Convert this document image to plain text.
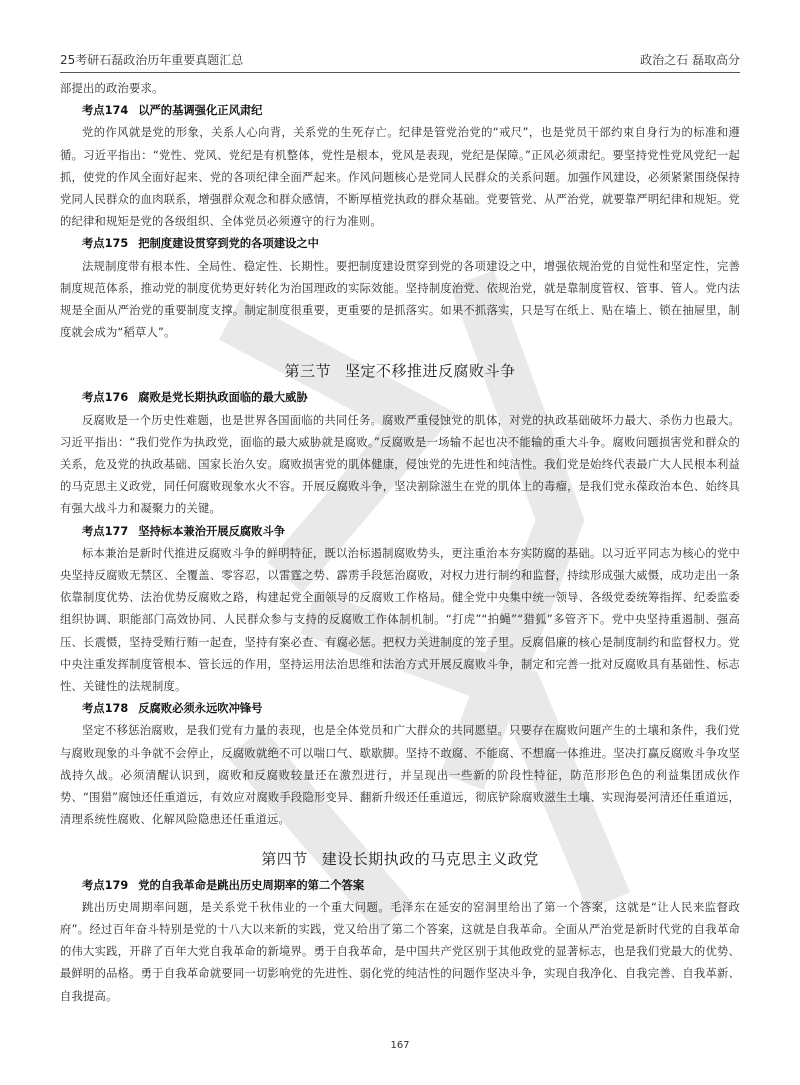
25考研石磊政治历年重要真题汇总	政治之石 磊取高分

部提出的政治要求。

考点174 以严的基调强化正风肃纪

党的作风就是党的形象，关系人心向背，关系党的生死存亡。纪律是管党治党的“戒尺”，也是党员干部约束自身行为的标准和遵循。习近平指出：“党性、党风、党纪是有机整体，党性是根本，党风是表现，党纪是保障。”正风必须肃纪。要坚持党性党风党纪一起抓，使党的作风全面好起来、党的各项纪律全面严起来。作风问题核心是党同人民群众的关系问题。加强作风建设，必须紧紧围绕保持党同人民群众的血肉联系，增强群众观念和群众感情，不断厚植党执政的群众基础。党要管党、从严治党，就要靠严明纪律和规矩。党的纪律和规矩是党的各级组织、全体党员必须遵守的行为准则。

考点175 把制度建设贯穿到党的各项建设之中

法规制度带有根本性、全局性、稳定性、长期性。要把制度建设贯穿到党的各项建设之中，增强依规治党的自觉性和坚定性，完善制度规范体系，推动党的制度优势更好转化为治国理政的实际效能。坚持制度治党、依规治党，就是靠制度管权、管事、管人。党内法规是全面从严治党的重要制度支撑。制定制度很重要，更重要的是抓落实。如果不抓落实，只是写在纸上、贴在墙上、锁在抽屉里，制度就会成为“稻草人”。

第三节 坚定不移推进反腐败斗争
考点176 腐败是党长期执政面临的最大威胁

反腐败是一个历史性难题，也是世界各国面临的共同任务。腐败严重侵蚀党的肌体，对党的执政基础破坏力最大、杀伤力也最大。习近平指出：“我们党作为执政党，面临的最大威胁就是腐败。”反腐败是一场输不起也决不能输的重大斗争。腐败问题损害党和群众的关系，危及党的执政基础、国家长治久安。腐败损害党的肌体健康，侵蚀党的先进性和纯洁性。我们党是始终代表最广大人民根本利益的马克思主义政党，同任何腐败现象水火不容。开展反腐败斗争，坚决割除滋生在党的肌体上的毒瘤，是我们党永葆政治本色、始终具有强大战斗力和凝聚力的关键。

考点177 坚持标本兼治开展反腐败斗争

标本兼治是新时代推进反腐败斗争的鲜明特征，既以治标遏制腐败势头，更注重治本夯实防腐的基础。以习近平同志为核心的党中央坚持反腐败无禁区、全覆盖、零容忍，以雷霆之势、霹雳手段惩治腐败，对权力进行制约和监督，持续形成强大威慑，成功走出一条依靠制度优势、法治优势反腐败之路，构建起党全面领导的反腐败工作格局。健全党中央集中统一领导、各级党委统筹指挥、纪委监委组织协调、职能部门高效协同、人民群众参与支持的反腐败工作体制机制。“打虎”“拍蝇”“猎狐”多管齐下。党中央坚持重遏制、强高压、长震慑，坚持受贿行贿一起查，坚持有案必查、有腐必惩。把权力关进制度的笼子里。反腐倡廉的核心是制度制约和监督权力。党中央注重发挥制度管根本、管长远的作用，坚持运用法治思维和法治方式开展反腐败斗争，制定和完善一批对反腐败具有基础性、标志性、关键性的法规制度。

考点178 反腐败必须永远吹冲锋号

坚定不移惩治腐败，是我们党有力量的表现，也是全体党员和广大群众的共同愿望。只要存在腐败问题产生的土壤和条件，我们党与腐败现象的斗争就不会停止，反腐败就绝不可以喘口气、歇歇脚。坚持不敢腐、不能腐、不想腐一体推进。坚决打赢反腐败斗争攻坚战持久战。必须清醒认识到，腐败和反腐败较量还在激烈进行，并呈现出一些新的阶段性特征，防范形形色色的利益集团成伙作势、“围猎”腐蚀还任重道远，有效应对腐败手段隐形变异、翻新升级还任重道远，彻底铲除腐败滋生土壤、实现海晏河清还任重道远，清理系统性腐败、化解风险隐患还任重道远。

第四节 建设长期执政的马克思主义政党
考点179 党的自我革命是跳出历史周期率的第二个答案

跳出历史周期率问题，是关系党千秋伟业的一个重大问题。毛泽东在延安的窑洞里给出了第一个答案，这就是“让人民来监督政府”。经过百年奋斗特别是党的十八大以来新的实践，党又给出了第二个答案，这就是自我革命。全面从严治党是新时代党的自我革命的伟大实践，开辟了百年大党自我革命的新境界。勇于自我革命，是中国共产党区别于其他政党的显著标志，也是我们党最大的优势、最鲜明的品格。勇于自我革命就要同一切影响党的先进性、弱化党的纯洁性的问题作坚决斗争，实现自我净化、自我完善、自我革新、自我提高。

167
